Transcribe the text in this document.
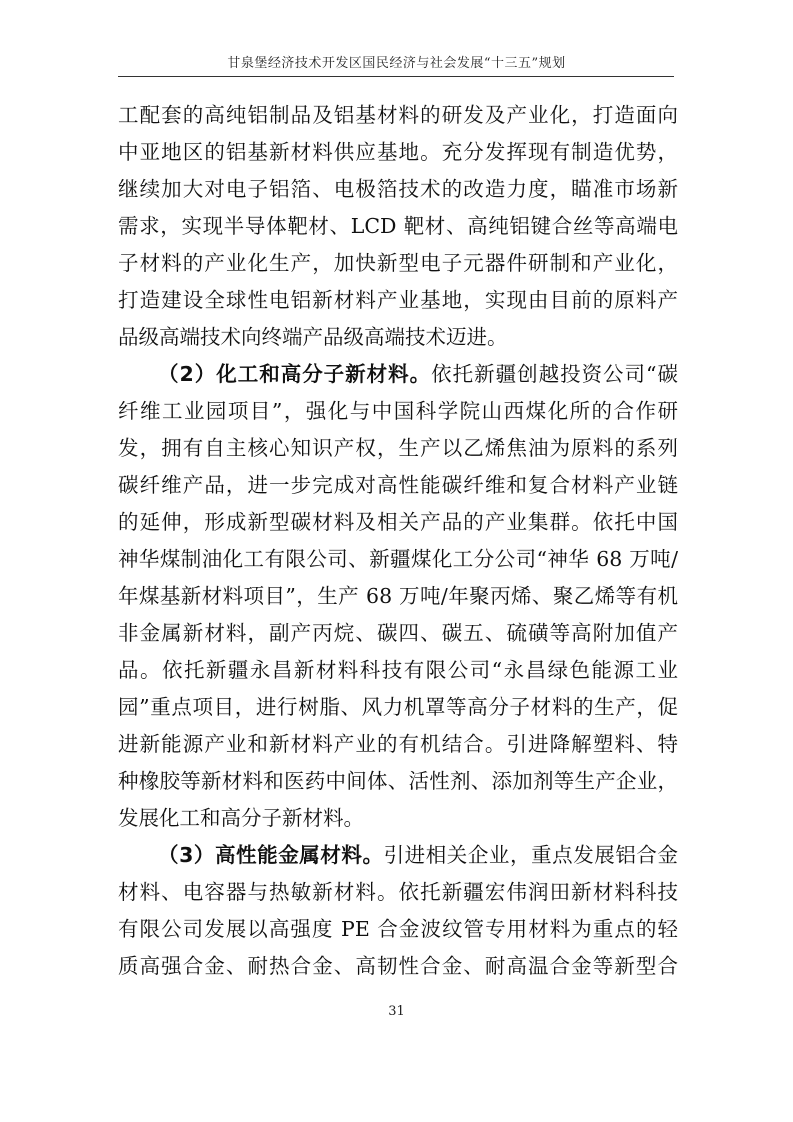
甘泉堡经济技术开发区国民经济与社会发展“十三五”规划
工配套的高纯铝制品及铝基材料的研发及产业化，打造面向
中亚地区的铝基新材料供应基地。充分发挥现有制造优势，
继续加大对电子铝箔、电极箔技术的改造力度，瞄准市场新
需求，实现半导体靶材、LCD 靶材、高纯铝键合丝等高端电
子材料的产业化生产，加快新型电子元器件研制和产业化，
打造建设全球性电铝新材料产业基地，实现由目前的原料产
品级高端技术向终端产品级高端技术迈进。
（2）化工和高分子新材料。依托新疆创越投资公司“碳
纤维工业园项目”，强化与中国科学院山西煤化所的合作研
发，拥有自主核心知识产权，生产以乙烯焦油为原料的系列
碳纤维产品，进一步完成对高性能碳纤维和复合材料产业链
的延伸，形成新型碳材料及相关产品的产业集群。依托中国
神华煤制油化工有限公司、新疆煤化工分公司“神华 68 万吨/
年煤基新材料项目”，生产 68 万吨/年聚丙烯、聚乙烯等有机
非金属新材料，副产丙烷、碳四、碳五、硫磺等高附加值产
品。依托新疆永昌新材料科技有限公司“永昌绿色能源工业
园”重点项目，进行树脂、风力机罩等高分子材料的生产，促
进新能源产业和新材料产业的有机结合。引进降解塑料、特
种橡胶等新材料和医药中间体、活性剂、添加剂等生产企业，
发展化工和高分子新材料。
（3）高性能金属材料。引进相关企业，重点发展铝合金
材料、电容器与热敏新材料。依托新疆宏伟润田新材料科技
有限公司发展以高强度 PE 合金波纹管专用材料为重点的轻
质高强合金、耐热合金、高韧性合金、耐高温合金等新型合
31
